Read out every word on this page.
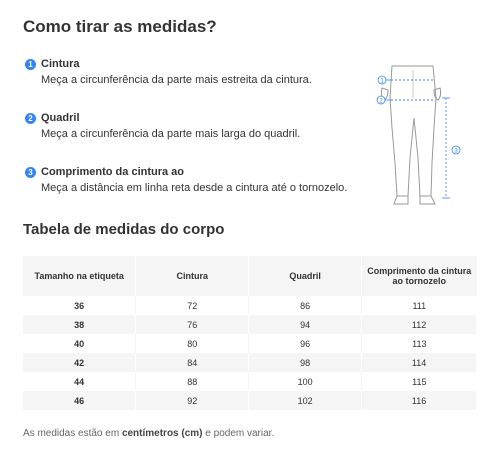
Como tirar as medidas?
1 Cintura
Meça a circunferência da parte mais estreita da cintura.
2 Quadril
Meça a circunferência da parte mais larga do quadril.
3 Comprimento da cintura ao
Meça a distância em linha reta desde a cintura até o tornozelo.
1
2
3
Tabela de medidas do corpo
Tamanho na etiqueta	Cintura	Quadril	Comprimento da cintura ao tornozelo
36	72	86	111
38	76	94	112
40	80	96	113
42	84	98	114
44	88	100	115
46	92	102	116
As medidas estão em centímetros (cm) e podem variar.
